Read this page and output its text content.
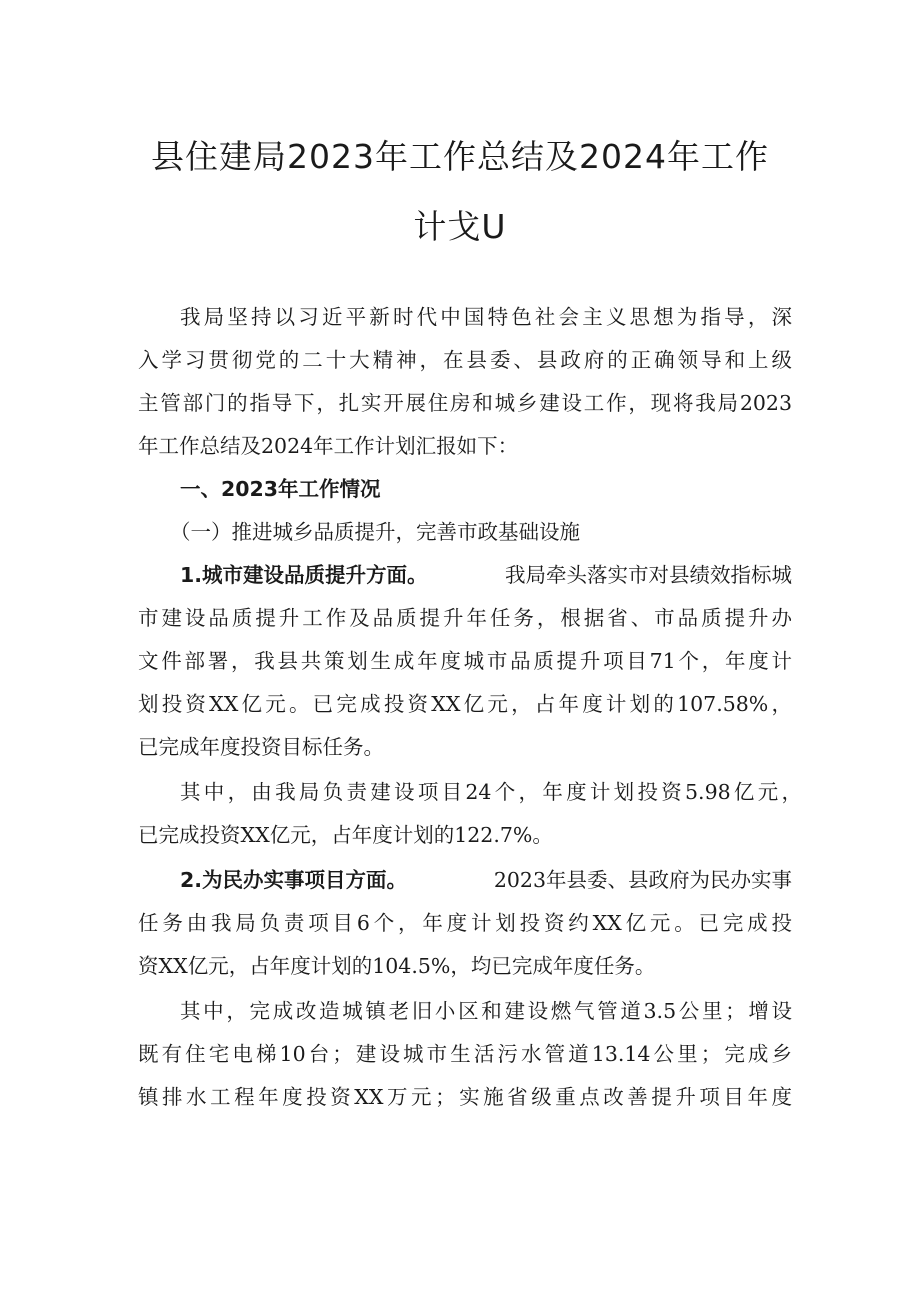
县住建局2023年工作总结及2024年工作
计戈U
我局坚持以习近平新时代中国特色社会主义思想为指导，深
入学习贯彻党的二十大精神，在县委、县政府的正确领导和上级
主管部门的指导下，扎实开展住房和城乡建设工作，现将我局2023
年工作总结及2024年工作计划汇报如下：
一、2023年工作情况
（一）推进城乡品质提升，完善市政基础设施
1.城市建设品质提升方面。	我局牵头落实市对县绩效指标城
市建设品质提升工作及品质提升年任务，根据省、市品质提升办
文件部署，我县共策划生成年度城市品质提升项目71个，年度计
划投资XX亿元。已完成投资XX亿元，占年度计划的107.58%，
已完成年度投资目标任务。
其中，由我局负责建设项目24个，年度计划投资5.98亿元，
已完成投资XX亿元，占年度计划的122.7%。
2.为民办实事项目方面。	2023年县委、县政府为民办实事
任务由我局负责项目6个，年度计划投资约XX亿元。已完成投
资XX亿元，占年度计划的104.5%，均已完成年度任务。
其中，完成改造城镇老旧小区和建设燃气管道3.5公里；增设
既有住宅电梯10台；建设城市生活污水管道13.14公里；完成乡
镇排水工程年度投资XX万元；实施省级重点改善提升项目年度
